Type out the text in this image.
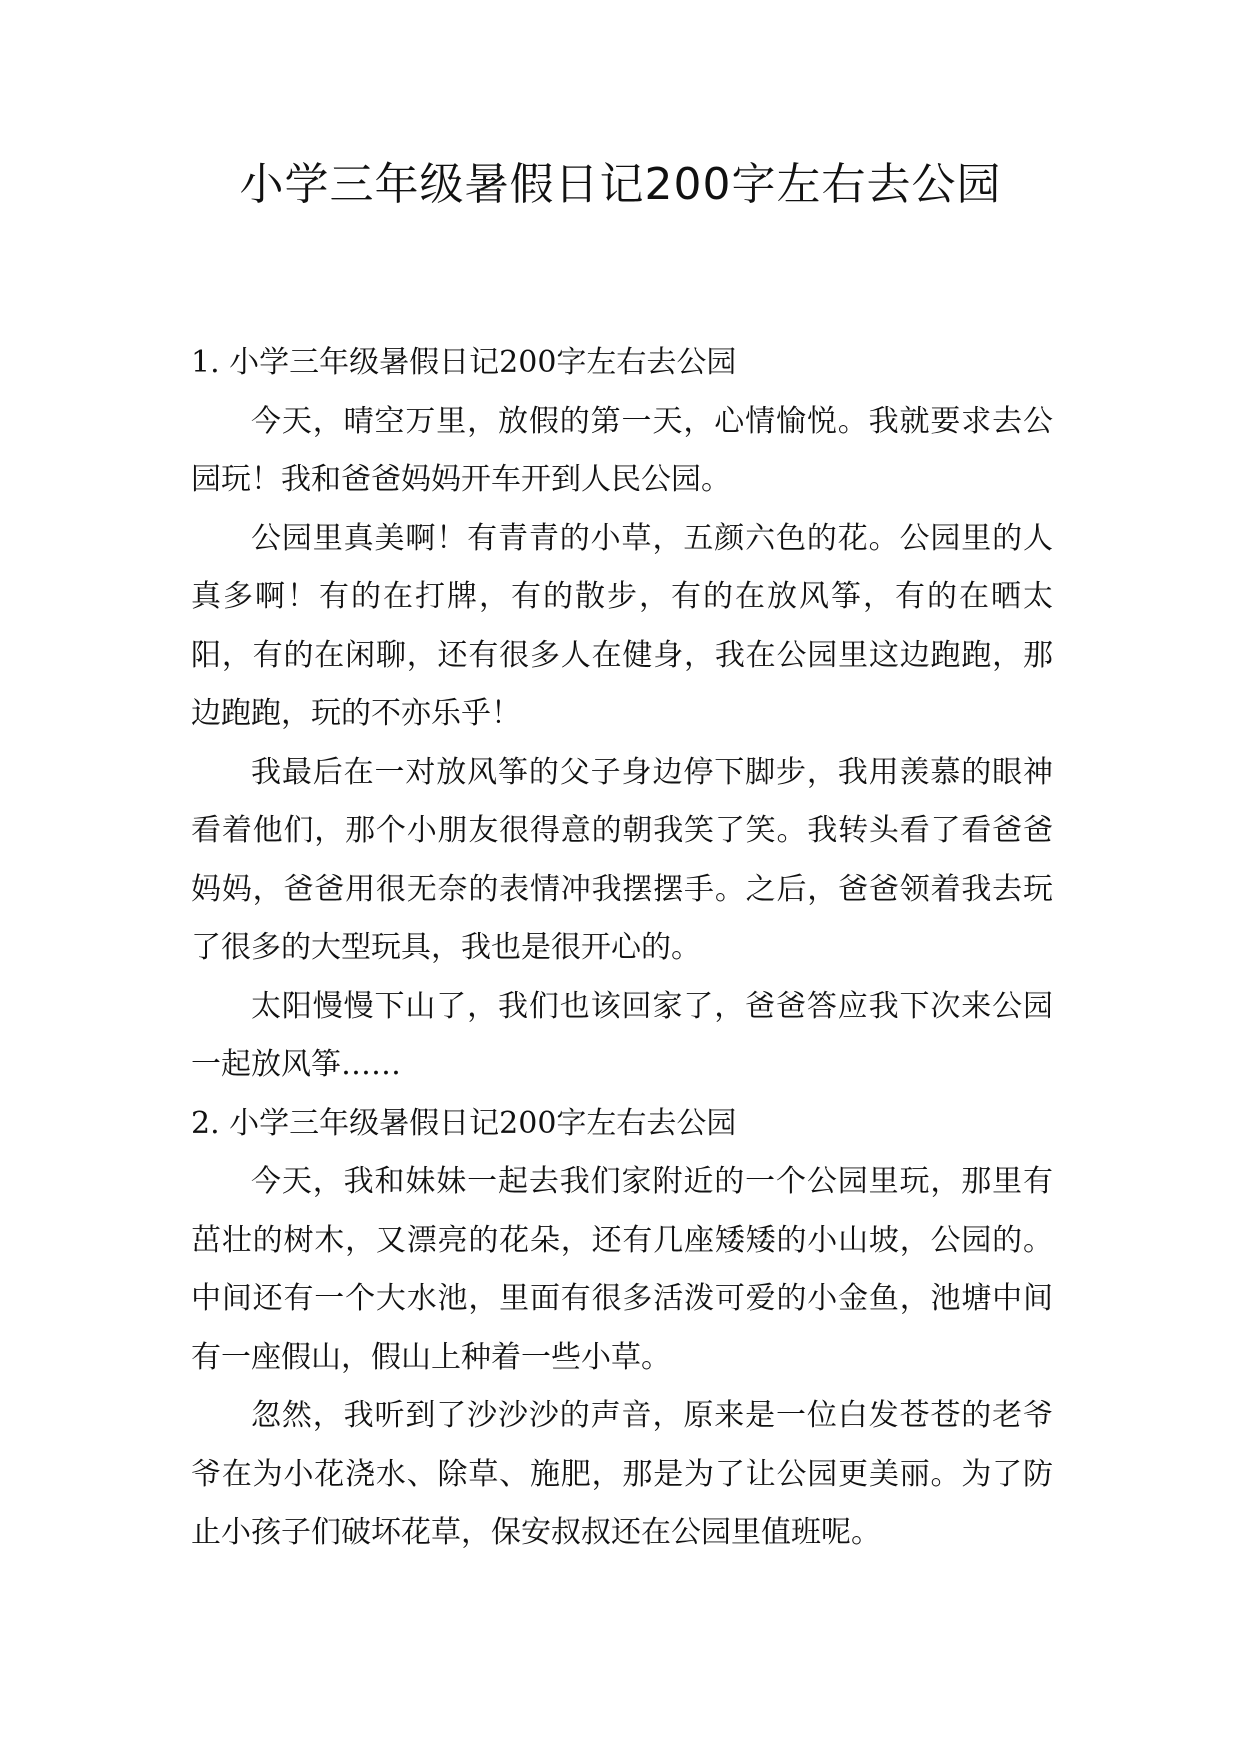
小学三年级暑假日记200字左右去公园
1. 小学三年级暑假日记200字左右去公园

今天，晴空万里，放假的第一天，心情愉悦。我就要求去公园玩！我和爸爸妈妈开车开到人民公园。

公园里真美啊！有青青的小草，五颜六色的花。公园里的人真多啊！有的在打牌，有的散步，有的在放风筝，有的在晒太阳，有的在闲聊，还有很多人在健身，我在公园里这边跑跑，那边跑跑，玩的不亦乐乎！

我最后在一对放风筝的父子身边停下脚步，我用羡慕的眼神看着他们，那个小朋友很得意的朝我笑了笑。我转头看了看爸爸妈妈，爸爸用很无奈的表情冲我摆摆手。之后，爸爸领着我去玩了很多的大型玩具，我也是很开心的。

太阳慢慢下山了，我们也该回家了，爸爸答应我下次来公园一起放风筝……

2. 小学三年级暑假日记200字左右去公园

今天，我和妹妹一起去我们家附近的一个公园里玩，那里有茁壮的树木，又漂亮的花朵，还有几座矮矮的小山坡，公园的。中间还有一个大水池，里面有很多活泼可爱的小金鱼，池塘中间有一座假山，假山上种着一些小草。

忽然，我听到了沙沙沙的声音，原来是一位白发苍苍的老爷爷在为小花浇水、除草、施肥，那是为了让公园更美丽。为了防止小孩子们破坏花草，保安叔叔还在公园里值班呢。
